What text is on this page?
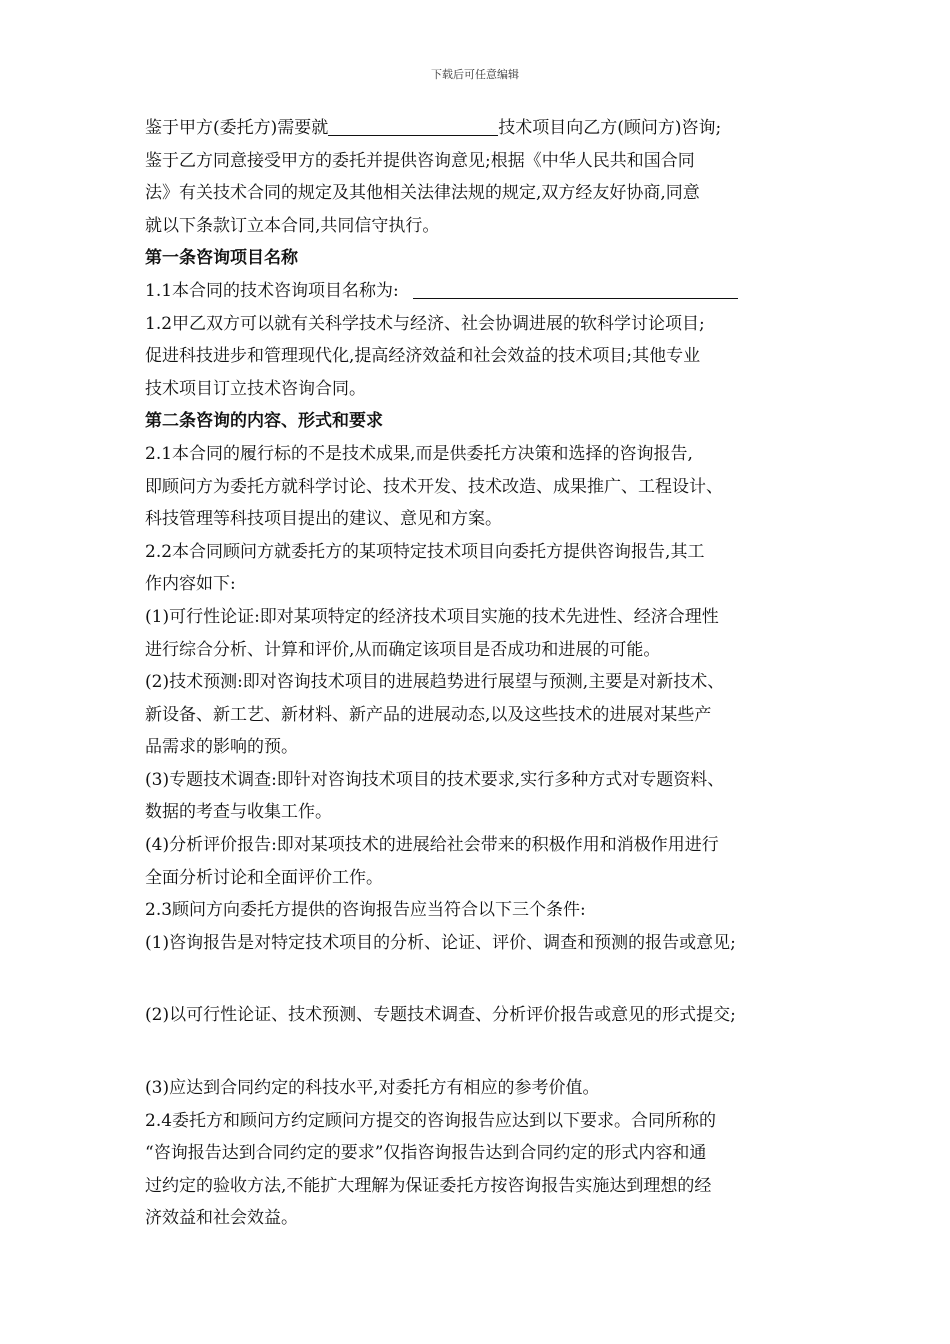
下载后可任意编辑
鉴于甲方(委托方)需要就	技术项目向乙方(顾问方)咨询;
鉴于乙方同意接受甲方的委托并提供咨询意见;根据《中华人民共和国合同
法》有关技术合同的规定及其他相关法律法规的规定,双方经友好协商,同意
就以下条款订立本合同,共同信守执行。
第一条咨询项目名称
1.1本合同的技术咨询项目名称为:
1.2甲乙双方可以就有关科学技术与经济、社会协调进展的软科学讨论项目;
促进科技进步和管理现代化,提高经济效益和社会效益的技术项目;其他专业
技术项目订立技术咨询合同。
第二条咨询的内容、形式和要求
2.1本合同的履行标的不是技术成果,而是供委托方决策和选择的咨询报告,
即顾问方为委托方就科学讨论、技术开发、技术改造、成果推广、工程设计、
科技管理等科技项目提出的建议、意见和方案。
2.2本合同顾问方就委托方的某项特定技术项目向委托方提供咨询报告,其工
作内容如下:
(1)可行性论证:即对某项特定的经济技术项目实施的技术先进性、经济合理性
进行综合分析、计算和评价,从而确定该项目是否成功和进展的可能。
(2)技术预测:即对咨询技术项目的进展趋势进行展望与预测,主要是对新技术、
新设备、新工艺、新材料、新产品的进展动态,以及这些技术的进展对某些产
品需求的影响的预。
(3)专题技术调查:即针对咨询技术项目的技术要求,实行多种方式对专题资料、
数据的考查与收集工作。
(4)分析评价报告:即对某项技术的进展给社会带来的积极作用和消极作用进行
全面分析讨论和全面评价工作。
2.3顾问方向委托方提供的咨询报告应当符合以下三个条件:
(1)咨询报告是对特定技术项目的分析、论证、评价、调查和预测的报告或意见;
(2)以可行性论证、技术预测、专题技术调查、分析评价报告或意见的形式提交;
(3)应达到合同约定的科技水平,对委托方有相应的参考价值。
2.4委托方和顾问方约定顾问方提交的咨询报告应达到以下要求。合同所称的
“咨询报告达到合同约定的要求”仅指咨询报告达到合同约定的形式内容和通
过约定的验收方法,不能扩大理解为保证委托方按咨询报告实施达到理想的经
济效益和社会效益。
